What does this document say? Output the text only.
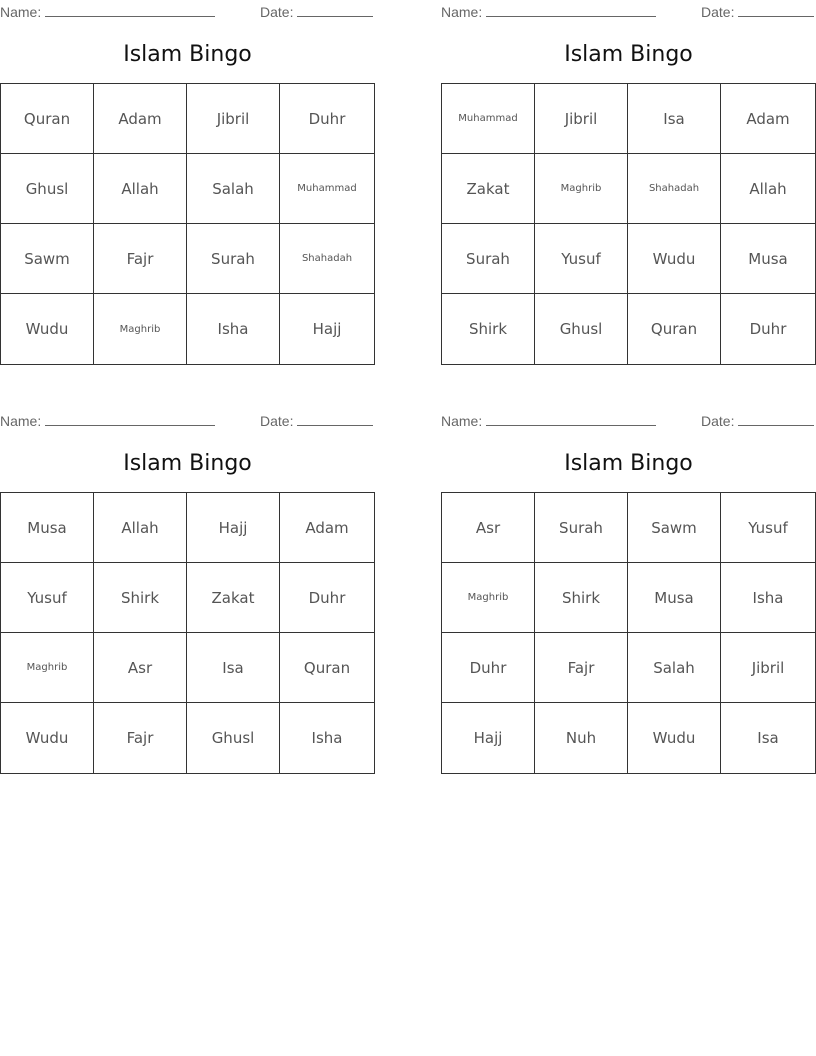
Name:	Date:
Islam Bingo
Quran	Adam	Jibril	Duhr
Ghusl	Allah	Salah	Muhammad
Sawm	Fajr	Surah	Shahadah
Wudu	Maghrib	Isha	Hajj
Name:	Date:
Islam Bingo
Muhammad	Jibril	Isa	Adam
Zakat	Maghrib	Shahadah	Allah
Surah	Yusuf	Wudu	Musa
Shirk	Ghusl	Quran	Duhr
Name:	Date:
Islam Bingo
Musa	Allah	Hajj	Adam
Yusuf	Shirk	Zakat	Duhr
Maghrib	Asr	Isa	Quran
Wudu	Fajr	Ghusl	Isha
Name:	Date:
Islam Bingo
Asr	Surah	Sawm	Yusuf
Maghrib	Shirk	Musa	Isha
Duhr	Fajr	Salah	Jibril
Hajj	Nuh	Wudu	Isa
